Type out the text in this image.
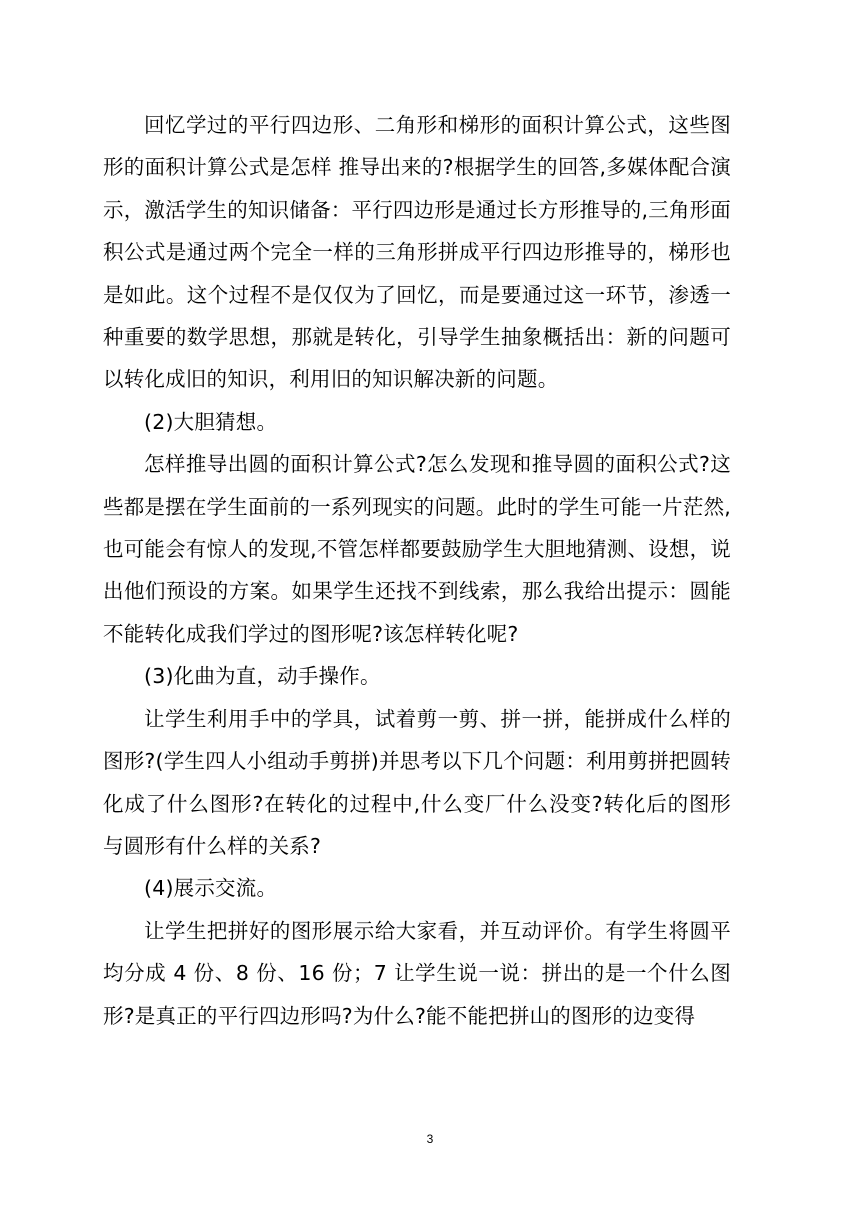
回忆学过的平行四边形、二角形和梯形的面积计算公式，这些图形的面积计算公式是怎样 推导出来的?根据学生的回答,多媒体配合演示，激活学生的知识储备：平行四边形是通过长方形推导的,三角形面积公式是通过两个完全一样的三角形拼成平行四边形推导的，梯形也是如此。这个过程不是仅仅为了回忆，而是要通过这一环节，渗透一种重要的数学思想，那就是转化，引导学生抽象概括出：新的问题可以转化成旧的知识，利用旧的知识解决新的问题。

(2)大胆猜想。

怎样推导出圆的面积计算公式?怎么发现和推导圆的面积公式?这些都是摆在学生面前的一系列现实的问题。此时的学生可能一片茫然,也可能会有惊人的发现,不管怎样都要鼓励学生大胆地猜测、设想，说出他们预设的方案。如果学生还找不到线索，那么我给出提示：圆能不能转化成我们学过的图形呢?该怎样转化呢?

(3)化曲为直，动手操作。

让学生利用手中的学具，试着剪一剪、拼一拼，能拼成什么样的图形?(学生四人小组动手剪拼)并思考以下几个问题：利用剪拼把圆转化成了什么图形?在转化的过程中,什么变厂什么没变?转化后的图形与圆形有什么样的关系?

(4)展示交流。

让学生把拼好的图形展示给大家看，并互动评价。有学生将圆平均分成 4 份、8 份、16 份；7 让学生说一说：拼出的是一个什么图形?是真正的平行四边形吗?为什么?能不能把拼山的图形的边变得

3
